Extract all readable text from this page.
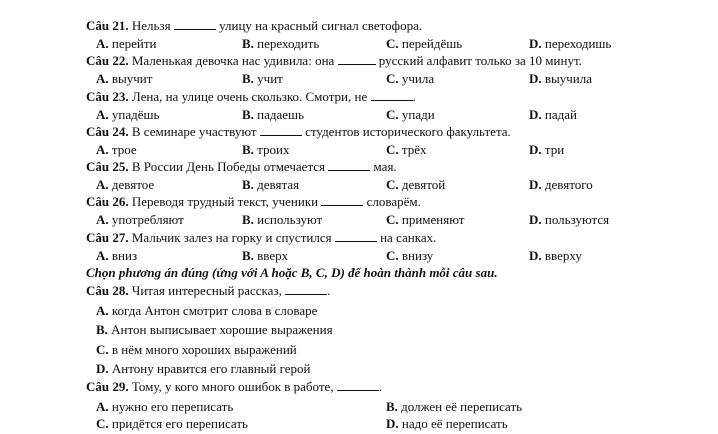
Câu 21. Нельзя	улицу на красный сигнал светофора.
A. перейти	B. переходить	C. перейдёшь	D. переходишь
Câu 22. Маленькая девочка нас удивила: она	русский алфавит только за 10 минут.
A. выучит	B. учит	C. учила	D. выучила
Câu 23. Лена, на улице очень скользко. Смотри, не	.
A. упадёшь	B. падаешь	C. упади	D. падай
Câu 24. В семинаре участвуют	студентов исторического факультета.
A. трое	B. троих	C. трёх	D. три
Câu 25. В России День Победы отмечается	мая.
A. девятое	B. девятая	C. девятой	D. девятого
Câu 26. Переводя трудный текст, ученики	словарём.
A. употребляют	B. используют	C. применяют	D. пользуются
Câu 27. Мальчик залез на горку и спустился	на санках.
A. вниз	B. вверх	C. внизу	D. вверху
Chọn phương án đúng (ứng với A hoặc B, C, D) để hoàn thành mỗi câu sau.
Câu 28. Читая интересный рассказ,	.
A. когда Антон смотрит слова в словаре
B. Антон выписывает хорошие выражения
C. в нём много хороших выражений
D. Антону нравится его главный герой
Câu 29. Тому, у кого много ошибок в работе,	.
A. нужно его переписать	B. должен её переписать
C. придётся его переписать	D. надо её переписать
